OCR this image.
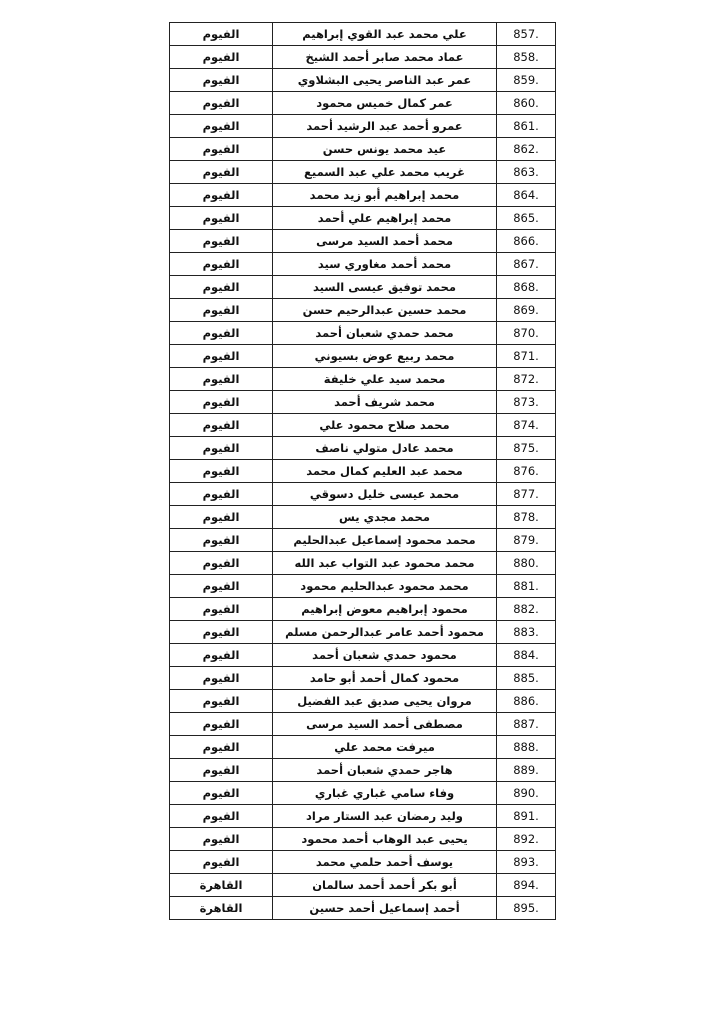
857.	علي محمد عبد القوي إبراهيم	الفيوم
858.	عماد محمد صابر أحمد الشيخ	الفيوم
859.	عمر عبد الناصر يحيى البشلاوي	الفيوم
860.	عمر كمال خميس محمود	الفيوم
861.	عمرو أحمد عبد الرشيد أحمد	الفيوم
862.	عيد محمد يونس حسن	الفيوم
863.	غريب محمد علي عبد السميع	الفيوم
864.	محمد إبراهيم أبو زيد محمد	الفيوم
865.	محمد إبراهيم علي أحمد	الفيوم
866.	محمد أحمد السيد مرسى	الفيوم
867.	محمد أحمد مغاوري سيد	الفيوم
868.	محمد توفيق عيسى السيد	الفيوم
869.	محمد حسين عبدالرحيم حسن	الفيوم
870.	محمد حمدي شعبان أحمد	الفيوم
871.	محمد ربيع عوض بسيوني	الفيوم
872.	محمد سيد علي خليفة	الفيوم
873.	محمد شريف أحمد	الفيوم
874.	محمد صلاح محمود علي	الفيوم
875.	محمد عادل متولي ناصف	الفيوم
876.	محمد عبد العليم كمال محمد	الفيوم
877.	محمد عيسى خليل دسوقي	الفيوم
878.	محمد مجدي يس	الفيوم
879.	محمد محمود إسماعيل عبدالحليم	الفيوم
880.	محمد محمود عبد التواب عبد الله	الفيوم
881.	محمد محمود عبدالحليم محمود	الفيوم
882.	محمود إبراهيم معوض إبراهيم	الفيوم
883.	محمود أحمد عامر عبدالرحمن مسلم	الفيوم
884.	محمود حمدي شعبان أحمد	الفيوم
885.	محمود كمال أحمد أبو حامد	الفيوم
886.	مروان يحيى صديق عبد الفضيل	الفيوم
887.	مصطفى أحمد السيد مرسى	الفيوم
888.	ميرفت محمد علي	الفيوم
889.	هاجر حمدي شعبان أحمد	الفيوم
890.	وفاء سامي غباري غباري	الفيوم
891.	وليد رمضان عبد الستار مراد	الفيوم
892.	يحيى عبد الوهاب أحمد محمود	الفيوم
893.	يوسف أحمد حلمي محمد	الفيوم
894.	أبو بكر أحمد أحمد سالمان	القاهرة
895.	أحمد إسماعيل أحمد حسين	القاهرة
